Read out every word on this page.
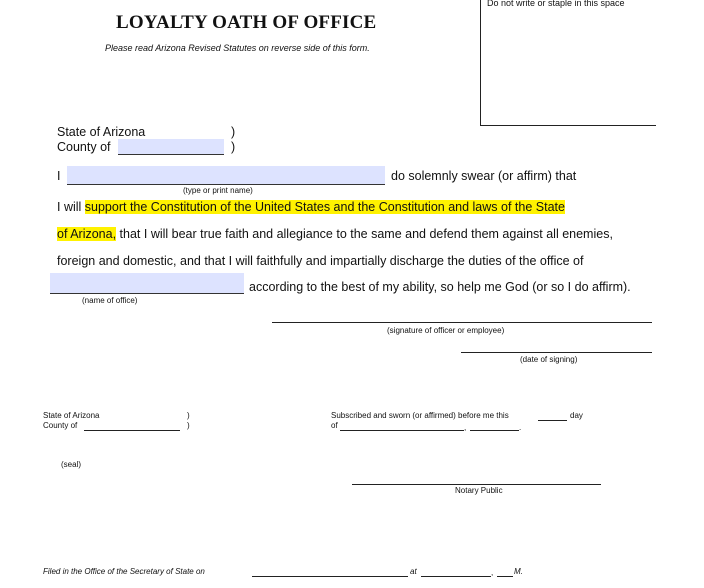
LOYALTY OATH OF OFFICE
Please read Arizona Revised Statutes on reverse side of this form.
Do not write or staple in this space
State of Arizona	)
County of	)
I	do solemnly swear (or affirm) that
(type or print name)
I will support the Constitution of the United States and the Constitution and laws of the State
of Arizona, that I will bear true faith and allegiance to the same and defend them against all enemies,
foreign and domestic, and that I will faithfully and impartially discharge the duties of the office of
according to the best of my ability, so help me God (or so I do affirm).
(name of office)
(signature of officer or employee)
(date of signing)
State of Arizona	)
County of	)
Subscribed and sworn (or affirmed) before me this	day
of	,	.
(seal)
Notary Public
Filed in the Office of the Secretary of State on	at	,	M.
